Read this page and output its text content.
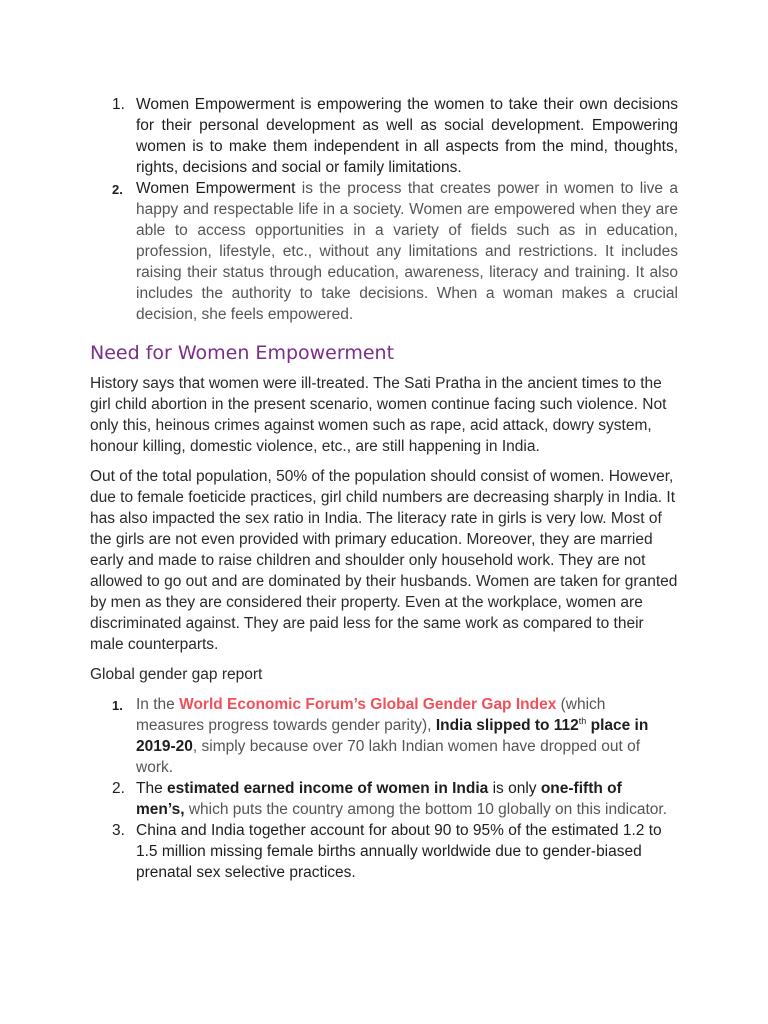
1. Women Empowerment is empowering the women to take their own decisions for their personal development as well as social development. Empowering women is to make them independent in all aspects from the mind, thoughts, rights, decisions and social or family limitations.
2. Women Empowerment is the process that creates power in women to live a happy and respectable life in a society. Women are empowered when they are able to access opportunities in a variety of fields such as in education, profession, lifestyle, etc., without any limitations and restrictions. It includes raising their status through education, awareness, literacy and training. It also includes the authority to take decisions. When a woman makes a crucial decision, she feels empowered.
Need for Women Empowerment

History says that women were ill-treated. The Sati Pratha in the ancient times to the girl child abortion in the present scenario, women continue facing such violence. Not only this, heinous crimes against women such as rape, acid attack, dowry system, honour killing, domestic violence, etc., are still happening in India.

Out of the total population, 50% of the population should consist of women. However, due to female foeticide practices, girl child numbers are decreasing sharply in India. It has also impacted the sex ratio in India. The literacy rate in girls is very low. Most of the girls are not even provided with primary education. Moreover, they are married early and made to raise children and shoulder only household work. They are not allowed to go out and are dominated by their husbands. Women are taken for granted by men as they are considered their property. Even at the workplace, women are discriminated against. They are paid less for the same work as compared to their male counterparts.

Global gender gap report

1. In the World Economic Forum’s Global Gender Gap Index (which measures progress towards gender parity), India slipped to 112th place in 2019-20, simply because over 70 lakh Indian women have dropped out of work.
2. The estimated earned income of women in India is only one-fifth of men’s, which puts the country among the bottom 10 globally on this indicator.
3. China and India together account for about 90 to 95% of the estimated 1.2 to 1.5 million missing female births annually worldwide due to gender-biased prenatal sex selective practices.
